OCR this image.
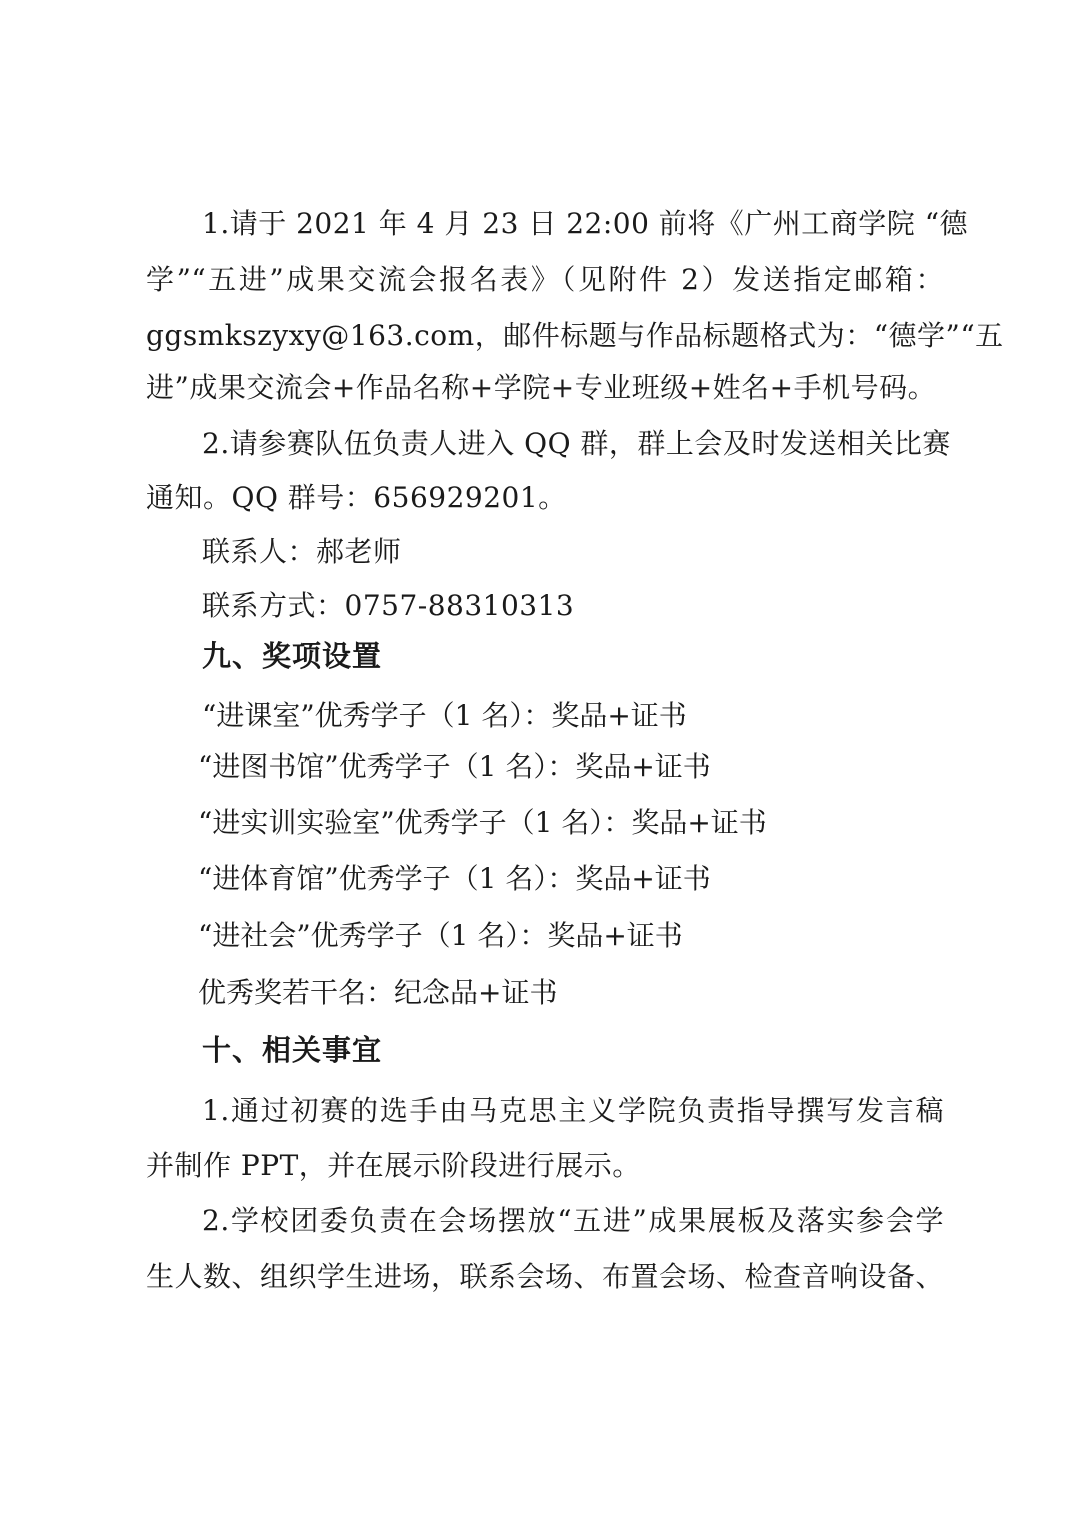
1.请于 2021 年 4 月 23 日 22:00 前将《广州工商学院 “德
学”“五进”成果交流会报名表》（见附件 2）发送指定邮箱：
ggsmkszyxy@163.com，邮件标题与作品标题格式为：“德学”“五
进”成果交流会+作品名称+学院+专业班级+姓名+手机号码。
2.请参赛队伍负责人进入 QQ 群，群上会及时发送相关比赛
通知。QQ 群号：656929201。
联系人：郝老师
联系方式：0757-88310313
九、奖项设置
“进课室”优秀学子（1 名）：奖品+证书
“进图书馆”优秀学子（1 名）：奖品+证书
“进实训实验室”优秀学子（1 名）：奖品+证书
“进体育馆”优秀学子（1 名）：奖品+证书
“进社会”优秀学子（1 名）：奖品+证书
优秀奖若干名：纪念品+证书
十、相关事宜
1.通过初赛的选手由马克思主义学院负责指导撰写发言稿
并制作 PPT，并在展示阶段进行展示。
2.学校团委负责在会场摆放“五进”成果展板及落实参会学
生人数、组织学生进场，联系会场、布置会场、检查音响设备、
